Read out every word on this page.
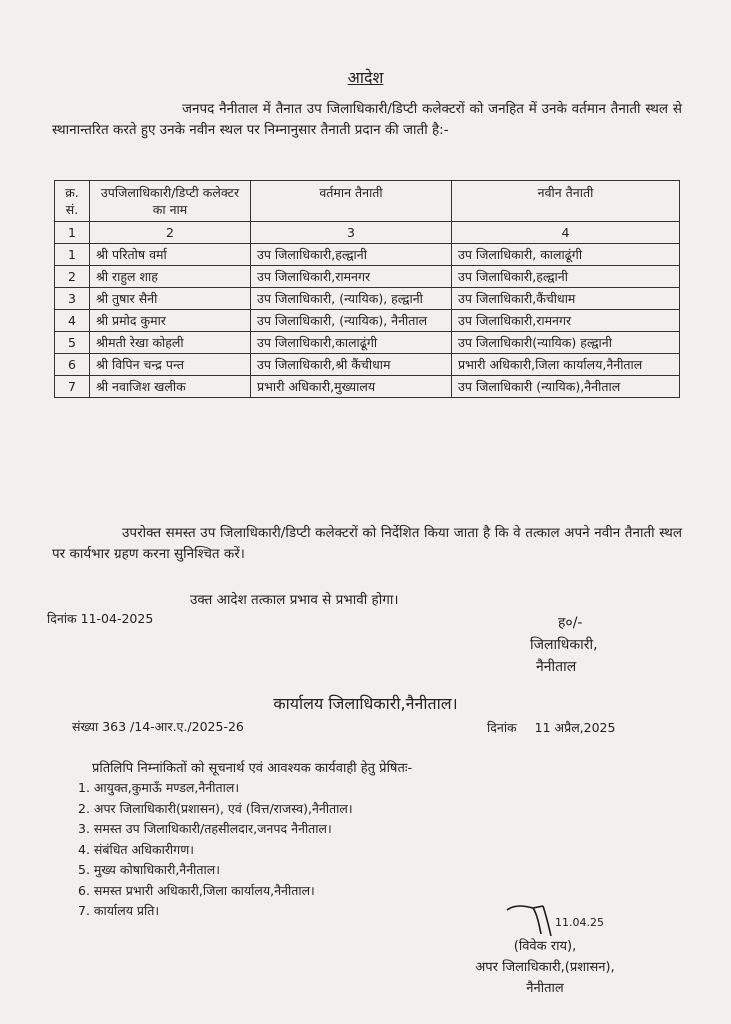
आदेश
जनपद नैनीताल में तैनात उप जिलाधिकारी/डिप्टी कलेक्टरों को जनहित में उनके वर्तमान तैनाती स्थल से स्थानान्तरित करते हुए उनके नवीन स्थल पर निम्नानुसार तैनाती प्रदान की जाती है:-
क्र. सं.	उपजिलाधिकारी/डिप्टी कलेक्टर का नाम	वर्तमान तैनाती	नवीन तैनाती
1	2	3	4
1	श्री परितोष वर्मा	उप जिलाधिकारी,हल्द्वानी	उप जिलाधिकारी, कालाढूंगी
2	श्री राहुल शाह	उप जिलाधिकारी,रामनगर	उप जिलाधिकारी,हल्द्वानी
3	श्री तुषार सैनी	उप जिलाधिकारी, (न्यायिक), हल्द्वानी	उप जिलाधिकारी,कैंचीधाम
4	श्री प्रमोद कुमार	उप जिलाधिकारी, (न्यायिक), नैनीताल	उप जिलाधिकारी,रामनगर
5	श्रीमती रेखा कोहली	उप जिलाधिकारी,कालाढूंगी	उप जिलाधिकारी(न्यायिक) हल्द्वानी
6	श्री विपिन चन्द्र पन्त	उप जिलाधिकारी,श्री कैंचीधाम	प्रभारी अधिकारी,जिला कार्यालय,नैनीताल
7	श्री नवाजिश खलीक	प्रभारी अधिकारी,मुख्यालय	उप जिलाधिकारी (न्यायिक),नैनीताल
उपरोक्त समस्त उप जिलाधिकारी/डिप्टी कलेक्टरों को निर्देशित किया जाता है कि वे तत्काल अपने नवीन तैनाती स्थल पर कार्यभार ग्रहण करना सुनिश्चित करें।
उक्त आदेश तत्काल प्रभाव से प्रभावी होगा।
दिनांक 11-04-2025	ह०/-
जिलाधिकारी,
नैनीताल
कार्यालय जिलाधिकारी,नैनीताल।
संख्या 363 /14-आर.ए./2025-26	दिनांक 11 अप्रैल,2025
प्रतिलिपि निम्नांकितों को सूचनार्थ एवं आवश्यक कार्यवाही हेतु प्रेषितः-
1. आयुक्त,कुमाऊँ मण्डल,नैनीताल।
2. अपर जिलाधिकारी(प्रशासन), एवं (वित्त/राजस्व),नैनीताल।
3. समस्त उप जिलाधिकारी/तहसीलदार,जनपद नैनीताल।
4. संबंधित अधिकारीगण।
5. मुख्य कोषाधिकारी,नैनीताल।
6. समस्त प्रभारी अधिकारी,जिला कार्यालय,नैनीताल।
7. कार्यालय प्रति।
11.04.25
(विवेक राय),
अपर जिलाधिकारी,(प्रशासन),
नैनीताल
